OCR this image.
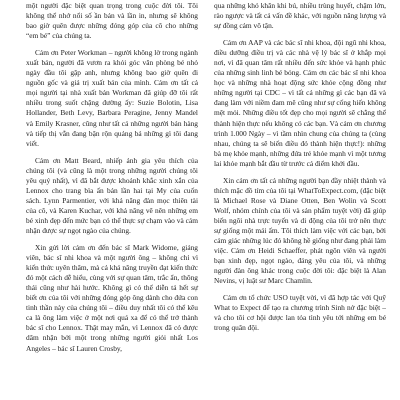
một người đặc biệt quan trọng trong cuộc đời tôi. Tôi không thể nhớ nổi số ần bản và lần in, nhưng sẽ không bao giờ quên được những đóng góp của cô cho những “em bé” của chúng ta.

Cảm ơn Peter Workman – người không lờ trong ngành xuất bản, người đã vươn ra khỏi góc văn phòng bé nhỏ ngày đầu tôi gặp anh, nhưng không bao giờ quên đi nguồn gốc và giá trị xuất bản của mình. Cảm ơn tất cả mọi người tại nhà xuất bản Workman đã giúp đỡ tôi rất nhiều trong suốt chặng đường ấy: Suzie Bolotin, Lisa Hollander, Beth Levy, Barbara Peragine, Jenny Mandel và Emily Krasner, cũng như tất cả những người bán hàng và tiếp thị vẫn đang bận rộn quảng bá những gì tôi đang viết.

Cảm ơn Matt Beard, nhiếp ảnh gia yêu thích của chúng tôi (và cũng là một trong những người chúng tôi yêu quý nhất), vì đã bắt được khoảnh khắc xinh xắn của Lennox cho trang bìa ấn bản lần hai tại My của cuốn sách. Lynn Parmentier, với khả năng đàn mọc thiên tài của cô, và Karen Kuchar, với khả năng vẽ nên những em bé xinh đẹp đến mức bạn có thể thực sự chạm vào và cảm nhận được sự ngọt ngào của chúng.

Xin gửi lời cảm ơn đến bác sĩ Mark Widome, giảng viên, bác sĩ nhi khoa và một người ông – không chỉ vì kiến thức uyên thâm, mà cả khả năng truyền đạt kiến thức đó một cách dễ hiểu, cùng với sự quan tâm, trắc ẩn, thông thái cũng như hài hước. Không gì có thể diễn tả hết sự biết ơn của tôi với những đóng góp ông dành cho đứa con tinh thần này của chúng tôi – điều duy nhất tôi có thể kêu ca là ông làm việc ở một nơi quá xa để có thể trở thành bác sĩ cho Lennox. Thật may mắn, vì Lennox đã có được dâm nhận bởi một trong những người giỏi nhất Los Angeles – bác sĩ Lauren Crosby,

qua những khó khăn khi bú, nhiều trùng huyết, chậm lớn, rào ngược và tất cả vấn đề khác, với nguồn năng lượng và sự đồng cảm vô tận.

Cảm ơn AAP và các bác sĩ nhi khoa, đội ngũ nhi khoa, điều dưỡng điều trị và các nhà vệ lý bác sĩ ở khắp mọi nơi, vì đã quan tâm rất nhiều đến sức khỏe và hạnh phúc của những sinh linh bé bỏng. Cảm ơn các bác sĩ nhi khoa học và những nhà hoạt động sức khỏe cộng đồng như những người tại CDC – vì tất cả những gì các bạn đã và đang làm với niềm đam mê cũng như sự cống hiến không mệt mỏi. Những điều tốt đẹp cho mọi người sẽ chẳng thể thành hiện thực nếu không có các bạn. Và cảm ơn chương trình 1.000 Ngày – vì tầm nhìn chung của chúng ta (cùng nhau, chúng ta sẽ biến điều đó thành hiện thực!): những bà mẹ khỏe mạnh, những đứa trẻ khỏe mạnh vì một tương lai khỏe mạnh bắt đầu từ trước cả điểm khởi đầu.

Xin cảm ơn tất cả những người bạn đầy nhiệt thành và thích mặc đồ tím của tôi tại WhatToExpect.com, (đặc biệt là Michael Rose và Diane Otten, Ben Wolin và Scott Wolf, nhóm chính của tôi và sản phẩm tuyệt vời) đã giúp biến ngôi nhà trực tuyến và di động của tôi trở nên thực sự giống một mái ấm. Tôi thích làm việc với các bạn, bởi cảm giác những lúc đó không hề giống như đang phải làm việc. Cảm ơn Heidi Schaeffer, phát ngôn viên và người bạn xinh đẹp, ngọt ngào, đáng yêu của tôi, và những người đàn ông khác trong cuộc đời tôi: đặc biệt là Alan Nevins, vị luật sư Marc Chamlin.

Cảm ơn tổ chức USO tuyệt vời, vì đã hợp tác với Quỹ What to Expect để tạo ra chương trình Sinh nở đặc biệt – và cho tôi cơ hội được lan tỏa tình yêu tới những em bé trong quân đội.
